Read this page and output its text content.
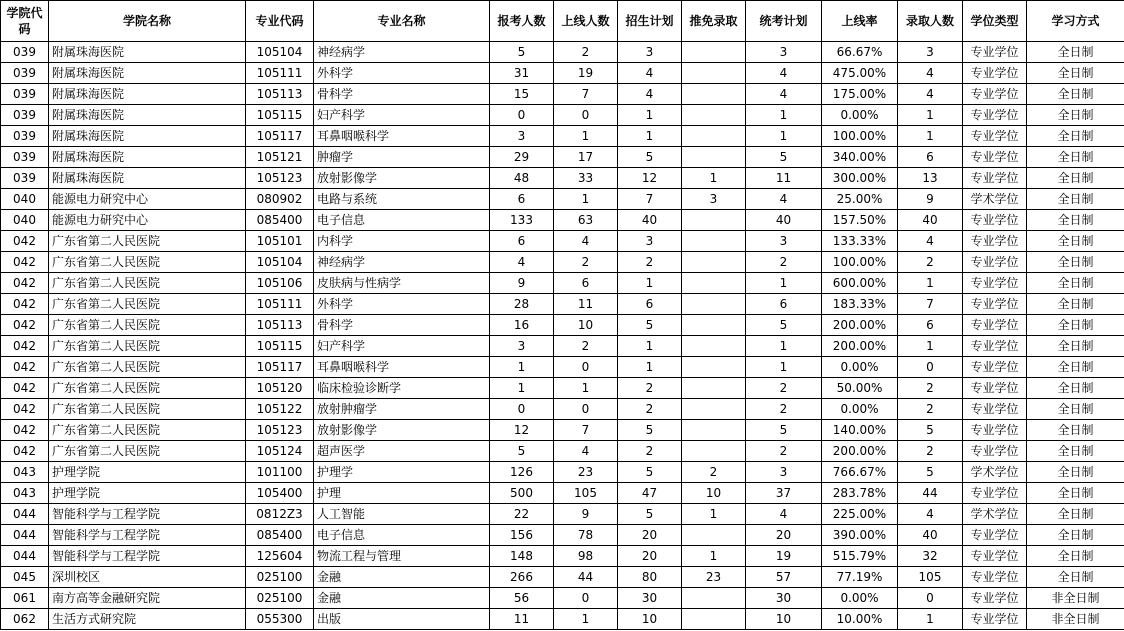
学院代码	学院名称	专业代码	专业名称	报考人数	上线人数	招生计划	推免录取	统考计划	上线率	录取人数	学位类型	学习方式
039	附属珠海医院	105104	神经病学	5	2	3		3	66.67%	3	专业学位	全日制
039	附属珠海医院	105111	外科学	31	19	4		4	475.00%	4	专业学位	全日制
039	附属珠海医院	105113	骨科学	15	7	4		4	175.00%	4	专业学位	全日制
039	附属珠海医院	105115	妇产科学	0	0	1		1	0.00%	1	专业学位	全日制
039	附属珠海医院	105117	耳鼻咽喉科学	3	1	1		1	100.00%	1	专业学位	全日制
039	附属珠海医院	105121	肿瘤学	29	17	5		5	340.00%	6	专业学位	全日制
039	附属珠海医院	105123	放射影像学	48	33	12	1	11	300.00%	13	专业学位	全日制
040	能源电力研究中心	080902	电路与系统	6	1	7	3	4	25.00%	9	学术学位	全日制
040	能源电力研究中心	085400	电子信息	133	63	40		40	157.50%	40	专业学位	全日制
042	广东省第二人民医院	105101	内科学	6	4	3		3	133.33%	4	专业学位	全日制
042	广东省第二人民医院	105104	神经病学	4	2	2		2	100.00%	2	专业学位	全日制
042	广东省第二人民医院	105106	皮肤病与性病学	9	6	1		1	600.00%	1	专业学位	全日制
042	广东省第二人民医院	105111	外科学	28	11	6		6	183.33%	7	专业学位	全日制
042	广东省第二人民医院	105113	骨科学	16	10	5		5	200.00%	6	专业学位	全日制
042	广东省第二人民医院	105115	妇产科学	3	2	1		1	200.00%	1	专业学位	全日制
042	广东省第二人民医院	105117	耳鼻咽喉科学	1	0	1		1	0.00%	0	专业学位	全日制
042	广东省第二人民医院	105120	临床检验诊断学	1	1	2		2	50.00%	2	专业学位	全日制
042	广东省第二人民医院	105122	放射肿瘤学	0	0	2		2	0.00%	2	专业学位	全日制
042	广东省第二人民医院	105123	放射影像学	12	7	5		5	140.00%	5	专业学位	全日制
042	广东省第二人民医院	105124	超声医学	5	4	2		2	200.00%	2	专业学位	全日制
043	护理学院	101100	护理学	126	23	5	2	3	766.67%	5	学术学位	全日制
043	护理学院	105400	护理	500	105	47	10	37	283.78%	44	专业学位	全日制
044	智能科学与工程学院	0812Z3	人工智能	22	9	5	1	4	225.00%	4	学术学位	全日制
044	智能科学与工程学院	085400	电子信息	156	78	20		20	390.00%	40	专业学位	全日制
044	智能科学与工程学院	125604	物流工程与管理	148	98	20	1	19	515.79%	32	专业学位	全日制
045	深圳校区	025100	金融	266	44	80	23	57	77.19%	105	专业学位	全日制
061	南方高等金融研究院	025100	金融	56	0	30		30	0.00%	0	专业学位	非全日制
062	生活方式研究院	055300	出版	11	1	10		10	10.00%	1	专业学位	非全日制
